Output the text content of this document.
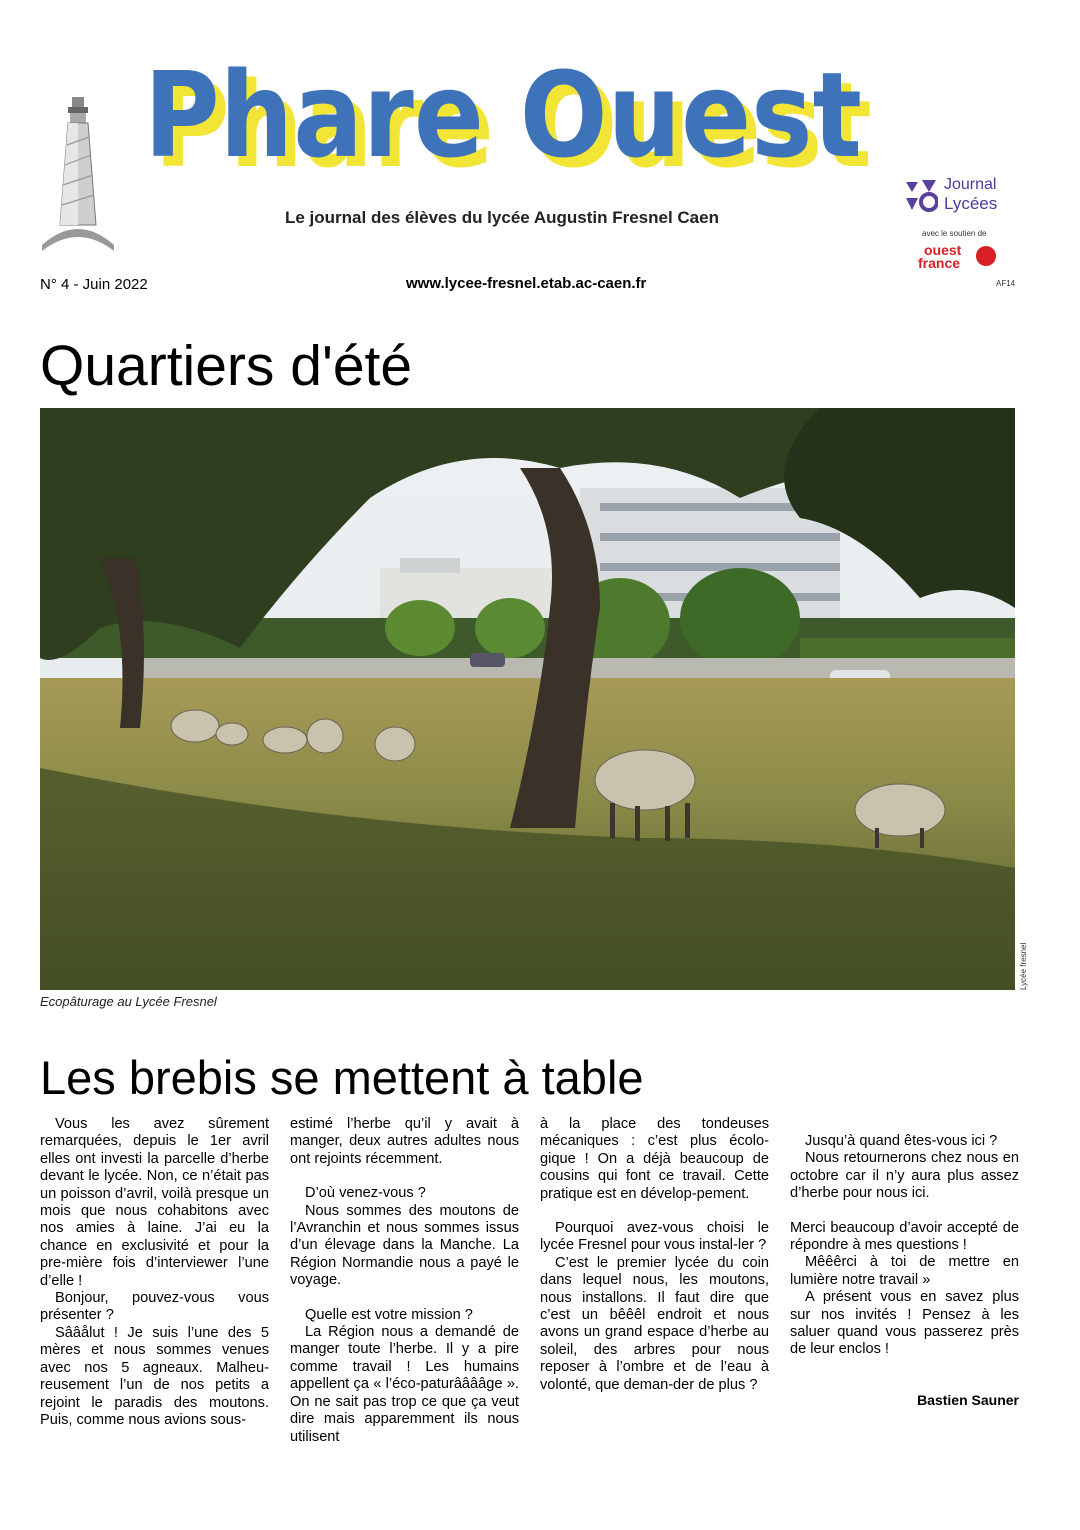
Phare Ouest
Phare Ouest
Le journal des élèves du lycée Augustin Fresnel Caen
N° 4 - Juin 2022	www.lycee-fresnel.etab.ac-caen.fr
Journal
Lycées
avec le soutien de
ouest
france
AF14
Quartiers d'été
Lycée fresnel
Ecopâturage au Lycée Fresnel
Les brebis se mettent à table

Vous les avez sûrement remarquées, depuis le 1er avril elles ont investi la parcelle d’herbe devant le lycée. Non, ce n’était pas un poisson d’avril, voilà presque un mois que nous cohabitons avec nos amies à laine. J’ai eu la chance en exclusivité et pour la pre-mière fois d’interviewer l’une d’elle !

Bonjour, pouvez-vous vous présenter ?

Sââålut ! Je suis l’une des 5 mères et nous sommes venues avec nos 5 agneaux. Malheu-reusement l’un de nos petits a rejoint le paradis des moutons. Puis, comme nous avions sous-

estimé l’herbe qu’il y avait à manger, deux autres adultes nous ont rejoints récemment.

D’où venez-vous ?

Nous sommes des moutons de l’Avranchin et nous sommes issus d’un élevage dans la Manche. La Région Normandie nous a payé le voyage.

Quelle est votre mission ?

La Région nous a demandé de manger toute l’herbe. Il y a pire comme travail ! Les humains appellent ça « l’éco-paturââââge ». On ne sait pas trop ce que ça veut dire mais apparemment ils nous utilisent

à la place des tondeuses mécaniques : c’est plus écolo-gique ! On a déjà beaucoup de cousins qui font ce travail. Cette pratique est en dévelop-pement.

Pourquoi avez-vous choisi le lycée Fresnel pour vous instal-ler ?

C’est le premier lycée du coin dans lequel nous, les moutons, nous installons. Il faut dire que c’est un bêêêl endroit et nous avons un grand espace d’herbe au soleil, des arbres pour nous reposer à l’ombre et de l’eau à volonté, que deman-der de plus ?

Jusqu’à quand êtes-vous ici ?

Nous retournerons chez nous en octobre car il n’y aura plus assez d’herbe pour nous ici.

Merci beaucoup d’avoir accepté de répondre à mes questions !

Mêêêrci à toi de mettre en lumière notre travail »

A présent vous en savez plus sur nos invités ! Pensez à les saluer quand vous passerez près de leur enclos !

Bastien Sauner
